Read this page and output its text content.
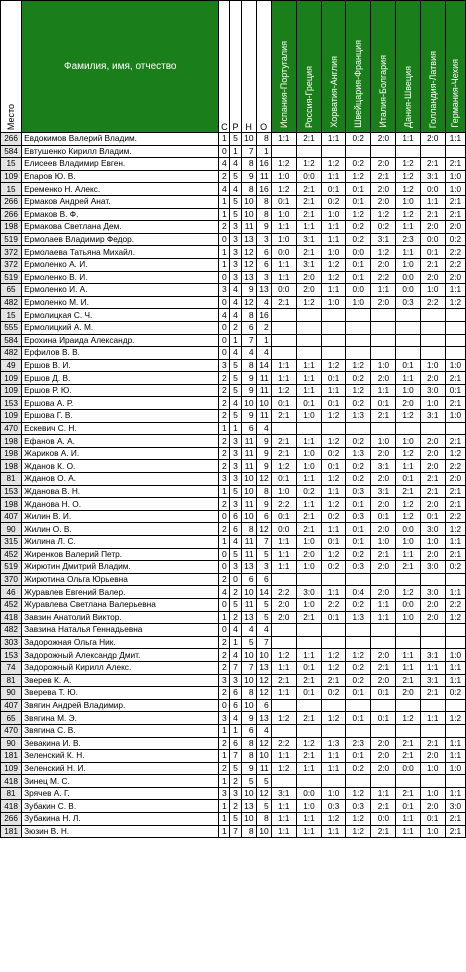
Место	Фамилия, имя, отчество	С	Р	Н	О	Испания-Португалия	Россия-Греция	Хорватия-Англия	Швейцария-Франция	Италия-Болгария	Дания-Швеция	Голландия-Латвия	Германия-Чехия
266	Евдокимов Валерий Владим.	1	5	10	8	1:1	2:1	1:1	0:2	2:0	1:1	2:0	1:1
584	Евтушенко Кирилл Владим.	0	1	7	1								
15	Елисеев Владимир Евген.	4	4	8	16	1:2	1:2	1:2	0:2	2:0	1:2	2:1	2:1
109	Епаров Ю. В.	2	5	9	11	1:0	0:0	1:1	1:2	2:1	1:2	3:1	1:0
15	Еременко Н. Алекс.	4	4	8	16	1:2	2:1	0:1	0:1	2:0	1:2	0:0	1:0
266	Ермаков Андрей Анат.	1	5	10	8	0:1	2:1	0:2	0:1	2:0	1:0	1:1	2:1
266	Ермаков В. Ф.	1	5	10	8	1:0	2:1	1:0	1:2	1:2	1:2	2:1	2:1
198	Ермакова Светлана Дем.	2	3	11	9	1:1	1:1	1:1	0:2	0:2	1:1	2:0	2:0
519	Ермолаев Владимир Федор.	0	3	13	3	1:0	3:1	1:1	0:2	3:1	2:3	0:0	0:2
372	Ермолаева Татьяна Михайл.	1	3	12	6	0:0	2:1	1:0	0:0	1:2	1:1	0:1	2:2
372	Ермоленко А. И.	1	3	12	6	1:1	3:1	1:2	0:1	2:0	1:0	2:1	2:2
519	Ермоленко В. И.	0	3	13	3	1:1	2:0	1:2	0:1	2:2	0:0	2:0	2:0
65	Ермоленко И. А.	3	4	9	13	0:0	2:0	1:1	0:0	1:1	0:0	1:0	1:1
482	Ермоленко М. И.	0	4	12	4	2:1	1:2	1:0	1:0	2:0	0:3	2:2	1:2
15	Ермолицкая С. Ч.	4	4	8	16								
555	Ермолицкий А. М.	0	2	6	2								
584	Ерохина Ираида Александр.	0	1	7	1								
482	Ерфилов В. В.	0	4	4	4								
49	Ершов В. И.	3	5	8	14	1:1	1:1	1:2	1:2	1:0	0:1	1:0	1:0
109	Ершов Д. В.	2	5	9	11	1:1	1:1	0:1	0:2	2:0	1:1	2:0	2:1
109	Ершов Р. Ю.	2	5	9	11	1:2	1:1	1:1	1:2	1:1	1:0	3:0	0:1
153	Ершова А. Р.	2	4	10	10	0:1	0:1	0:1	0:2	0:1	2:0	1:0	2:1
109	Ершова Г. В.	2	5	9	11	2:1	1:0	1:2	1:3	2:1	1:2	3:1	1:0
470	Ескевич С. Н.	1	1	6	4								
198	Ефанов А. А.	2	3	11	9	2:1	1:1	1:2	0:2	1:0	1:0	2:0	2:1
198	Жариков А. И.	2	3	11	9	2:1	1:0	0:2	1:3	2:0	1:2	2:0	1:2
198	Жданов К. О.	2	3	11	9	1:2	1:0	0:1	0:2	3:1	1:1	2:0	2:2
81	Жданов О. А.	3	3	10	12	0:1	1:1	1:2	0:2	2:0	0:1	2:1	2:0
153	Жданова В. Н.	1	5	10	8	1:0	0:2	1:1	0:3	3:1	2:1	2:1	2:1
198	Жданова Н. О.	2	3	11	9	2:2	1:1	1:2	0:1	2:0	1:2	2:0	2:1
407	Жилин В. И.	0	6	10	6	0:1	2:1	0:2	0:3	0:1	1:2	0:1	2:2
90	Жилин О. В.	2	6	8	12	0:0	2:1	1:1	0:1	2:0	0:0	3:0	1:2
315	Жилина Л. С.	1	4	11	7	1:1	1:0	0:1	0:1	1:0	1:0	1:0	1:1
452	Жиренков Валерий Петр.	0	5	11	5	1:1	2:0	1:2	0:2	2:1	1:1	2:0	2:1
519	Жирютин Дмитрий Владим.	0	3	13	3	1:1	1:0	0:2	0:3	2:0	2:1	3:0	0:2
370	Жирютина Ольга Юрьевна	2	0	6	6								
46	Журавлев Евгений Валер.	4	2	10	14	2:2	3:0	1:1	0:4	2:0	1:2	3:0	1:1
452	Журавлева Светлана Валерьевна	0	5	11	5	2:0	1:0	2:2	0:2	1:1	0:0	2:0	2:2
418	Завзин Анатолий Виктор.	1	2	13	5	2:0	2:1	0:1	1:3	1:1	1:0	2:0	1:2
482	Завзина Наталья Геннадьевна	0	4	4	4								
303	Задорожная Ольга Ник.	2	1	5	7								
153	Задорожный Александр Дмит.	2	4	10	10	1:2	1:1	1:2	1:2	2:0	1:1	3:1	1:0
74	Задорожный Кирилл Алекс.	2	7	7	13	1:1	0:1	1:2	0:2	2:1	1:1	1:1	1:1
81	Зверев К. А.	3	3	10	12	2:1	2:1	2:1	0:2	2:0	2:1	3:1	1:1
90	Зверева Т. Ю.	2	6	8	12	1:1	0:1	0:2	0:1	0:1	2:0	2:1	0:2
407	Звягин Андрей Владимир.	0	6	10	6								
65	Звягина М. Э.	3	4	9	13	1:2	2:1	1:2	0:1	0:1	1:2	1:1	1:2
470	Звягина С. В.	1	1	6	4								
90	Зевакина И. В.	2	6	8	12	2:2	1:2	1:3	2:3	2:0	2:1	2:1	1:1
181	Зеленский К. Н.	1	7	8	10	1:1	2:1	1:1	0:1	2:0	2:1	2:0	1:1
109	Зеленский Н. И.	2	5	9	11	1:2	1:1	1:1	0:2	2:0	0:0	1:0	1:0
418	Зинец М. С.	1	2	5	5								
81	Зрячев А. Г.	3	3	10	12	3:1	0:0	1:0	1:2	1:1	2:1	1:0	1:1
418	Зубакин С. В.	1	2	13	5	1:1	1:0	0:3	0:3	2:1	0:1	2:0	3:0
266	Зубакина Н. Л.	1	5	10	8	1:1	1:1	1:2	1:2	0:0	1:1	0:1	2:1
181	Зюзин В. Н.	1	7	8	10	1:1	1:1	1:1	1:2	2:1	1:1	1:0	2:1
